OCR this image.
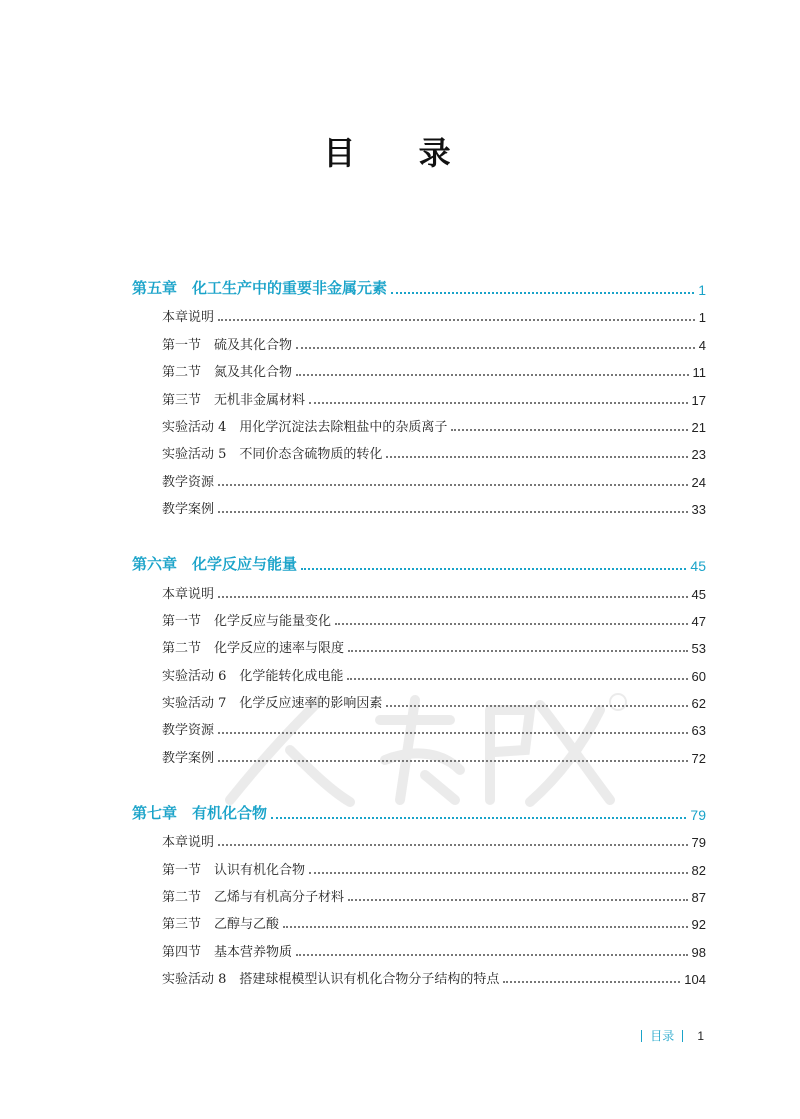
目 录
第五章　化工生产中的重要非金属元素	1
本章说明	1
第一节　硫及其化合物	4
第二节　氮及其化合物	11
第三节　无机非金属材料	17
实验活动 4　用化学沉淀法去除粗盐中的杂质离子	21
实验活动 5　不同价态含硫物质的转化	23
教学资源	24
教学案例	33
第六章　化学反应与能量	45
本章说明	45
第一节　化学反应与能量变化	47
第二节　化学反应的速率与限度	53
实验活动 6　化学能转化成电能	60
实验活动 7　化学反应速率的影响因素	62
教学资源	63
教学案例	72
第七章　有机化合物	79
本章说明	79
第一节　认识有机化合物	82
第二节　乙烯与有机高分子材料	87
第三节　乙醇与乙酸	92
第四节　基本营养物质	98
实验活动 8　搭建球棍模型认识有机化合物分子结构的特点	104
目录 1
